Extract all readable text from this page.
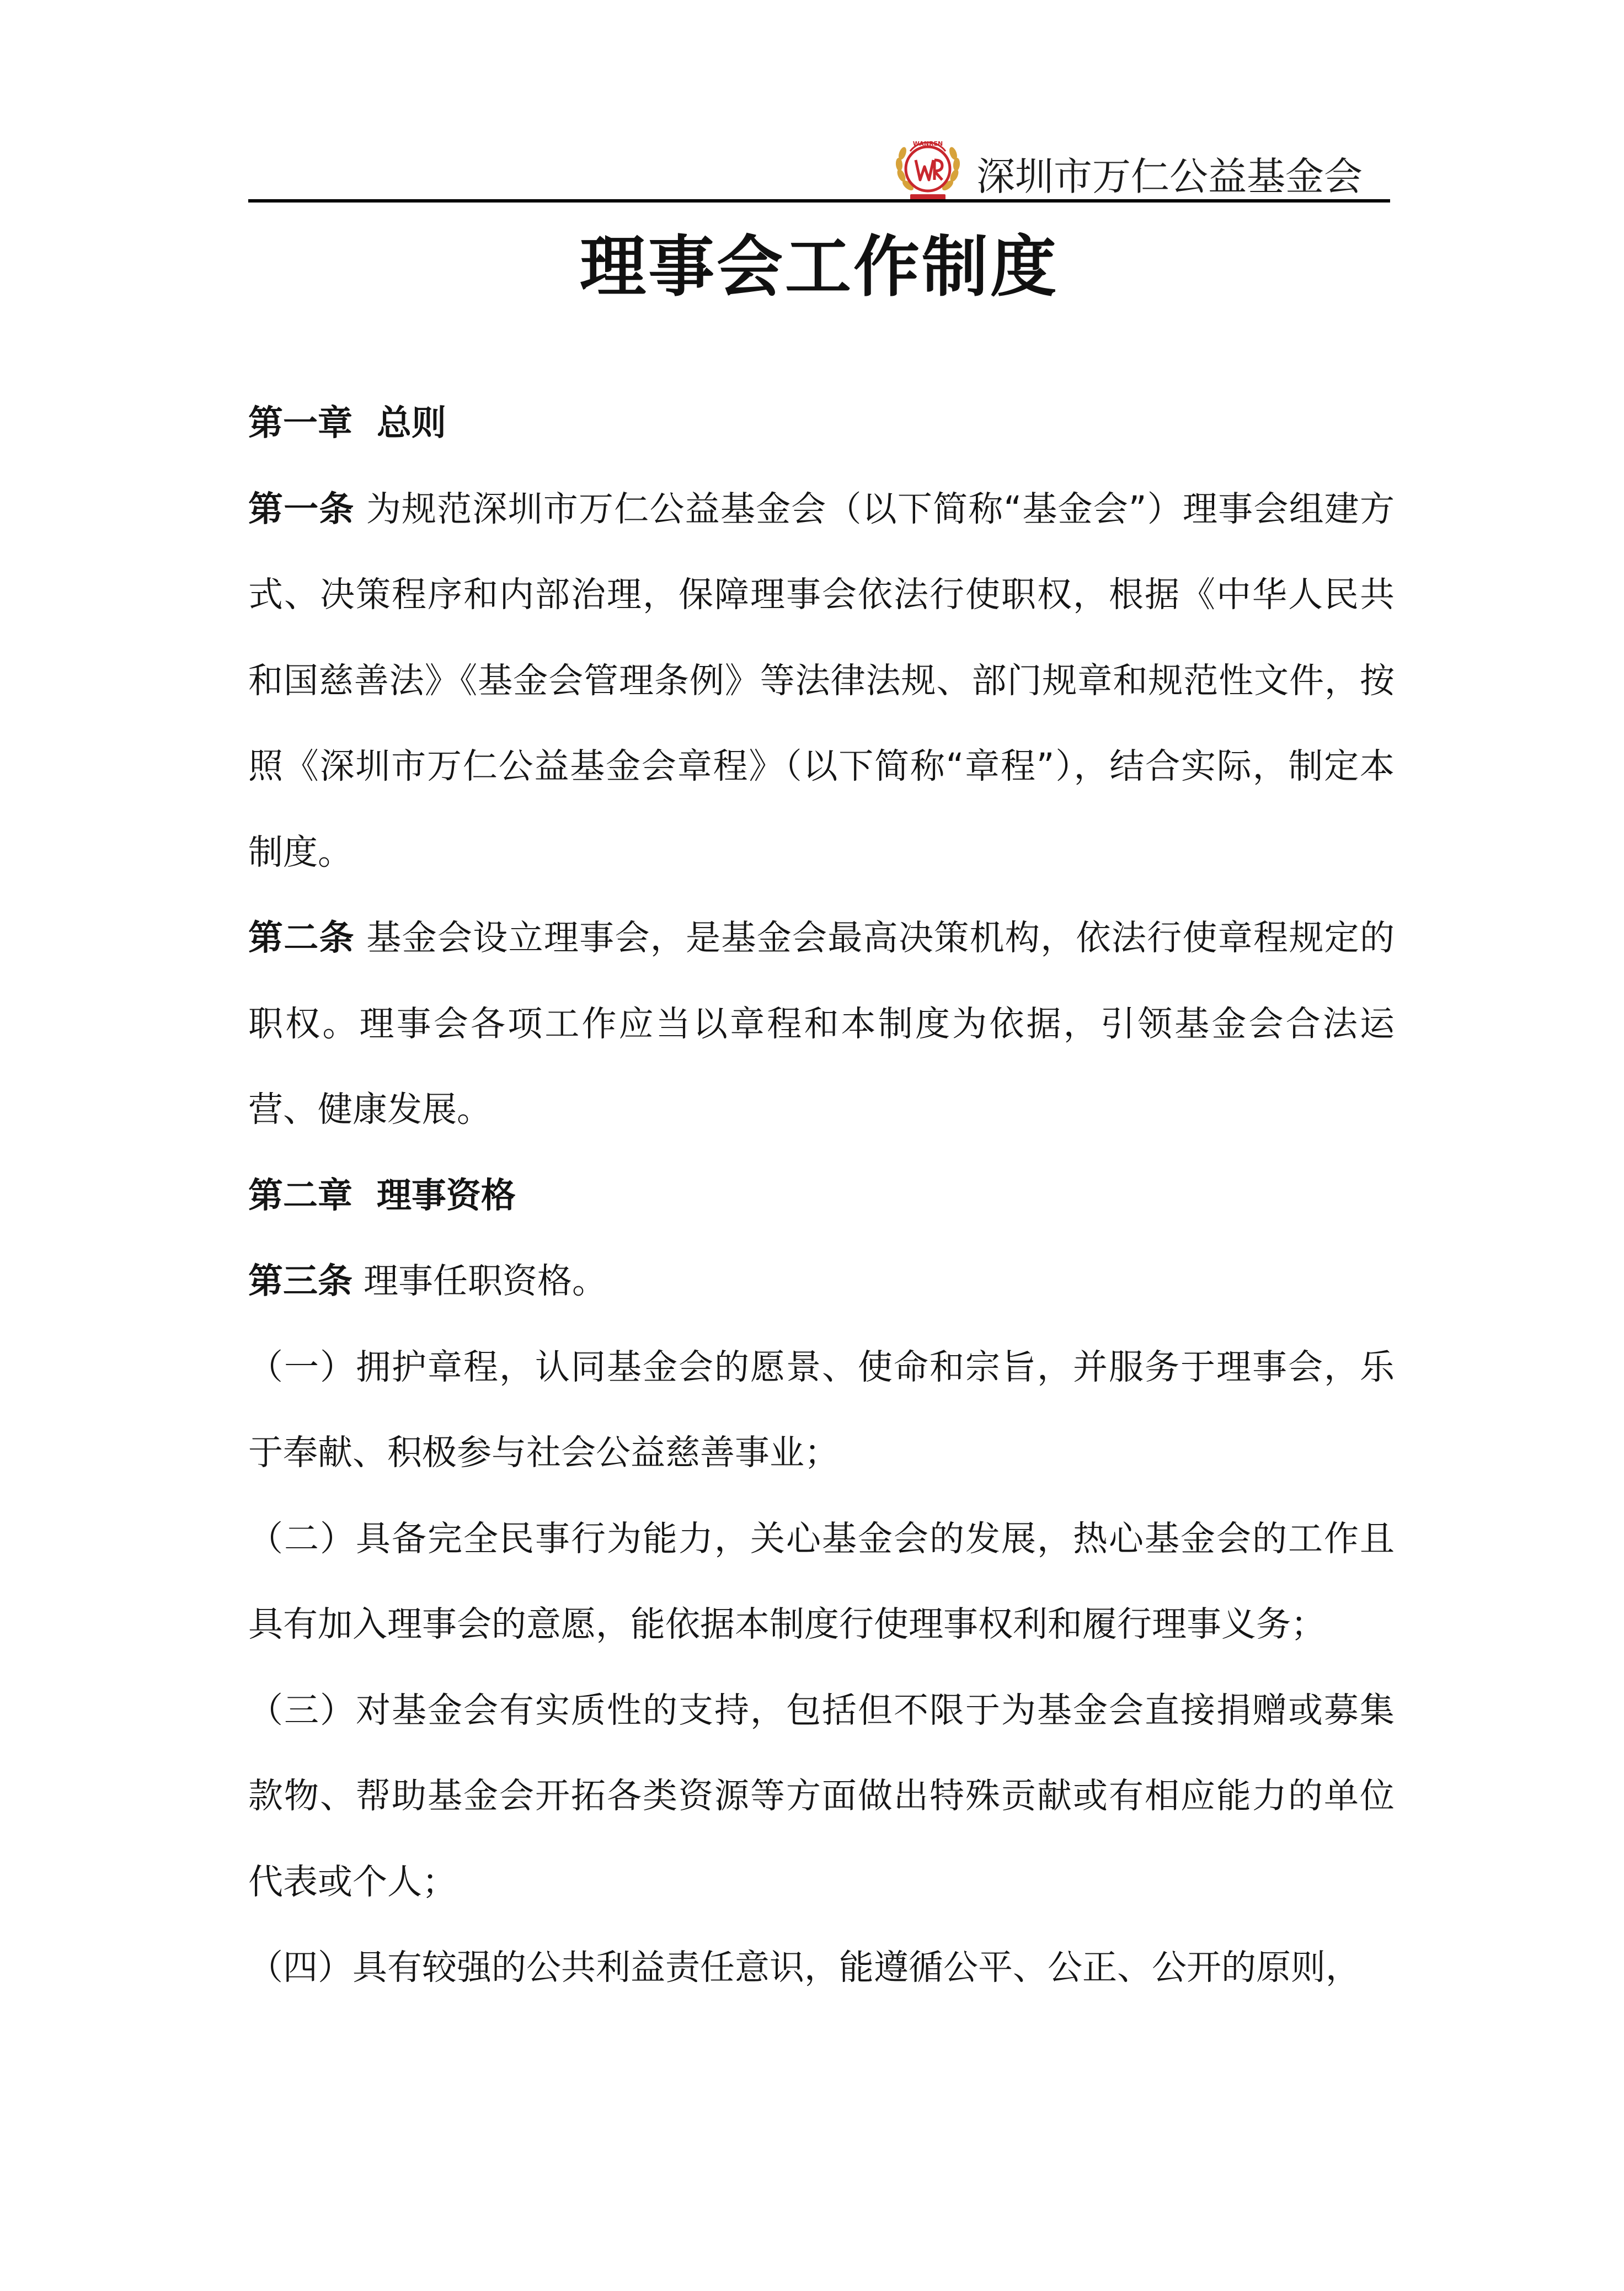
WANREN
深圳市万仁公益基金会
理事会工作制度

第一章  总则

第一条 为规范深圳市万仁公益基金会（以下简称“基金会”）理事会组建方式、决策程序和内部治理，保障理事会依法行使职权，根据《中华人民共和国慈善法》《基金会管理条例》等法律法规、部门规章和规范性文件，按照《深圳市万仁公益基金会章程》（以下简称“章程”），结合实际，制定本制度。

第二条 基金会设立理事会，是基金会最高决策机构，依法行使章程规定的职权。理事会各项工作应当以章程和本制度为依据，引领基金会合法运营、健康发展。

第二章  理事资格

第三条 理事任职资格。

（一）拥护章程，认同基金会的愿景、使命和宗旨，并服务于理事会，乐于奉献、积极参与社会公益慈善事业；

（二）具备完全民事行为能力，关心基金会的发展，热心基金会的工作且具有加入理事会的意愿，能依据本制度行使理事权利和履行理事义务；

（三）对基金会有实质性的支持，包括但不限于为基金会直接捐赠或募集款物、帮助基金会开拓各类资源等方面做出特殊贡献或有相应能力的单位代表或个人；

（四）具有较强的公共利益责任意识，能遵循公平、公正、公开的原则，
